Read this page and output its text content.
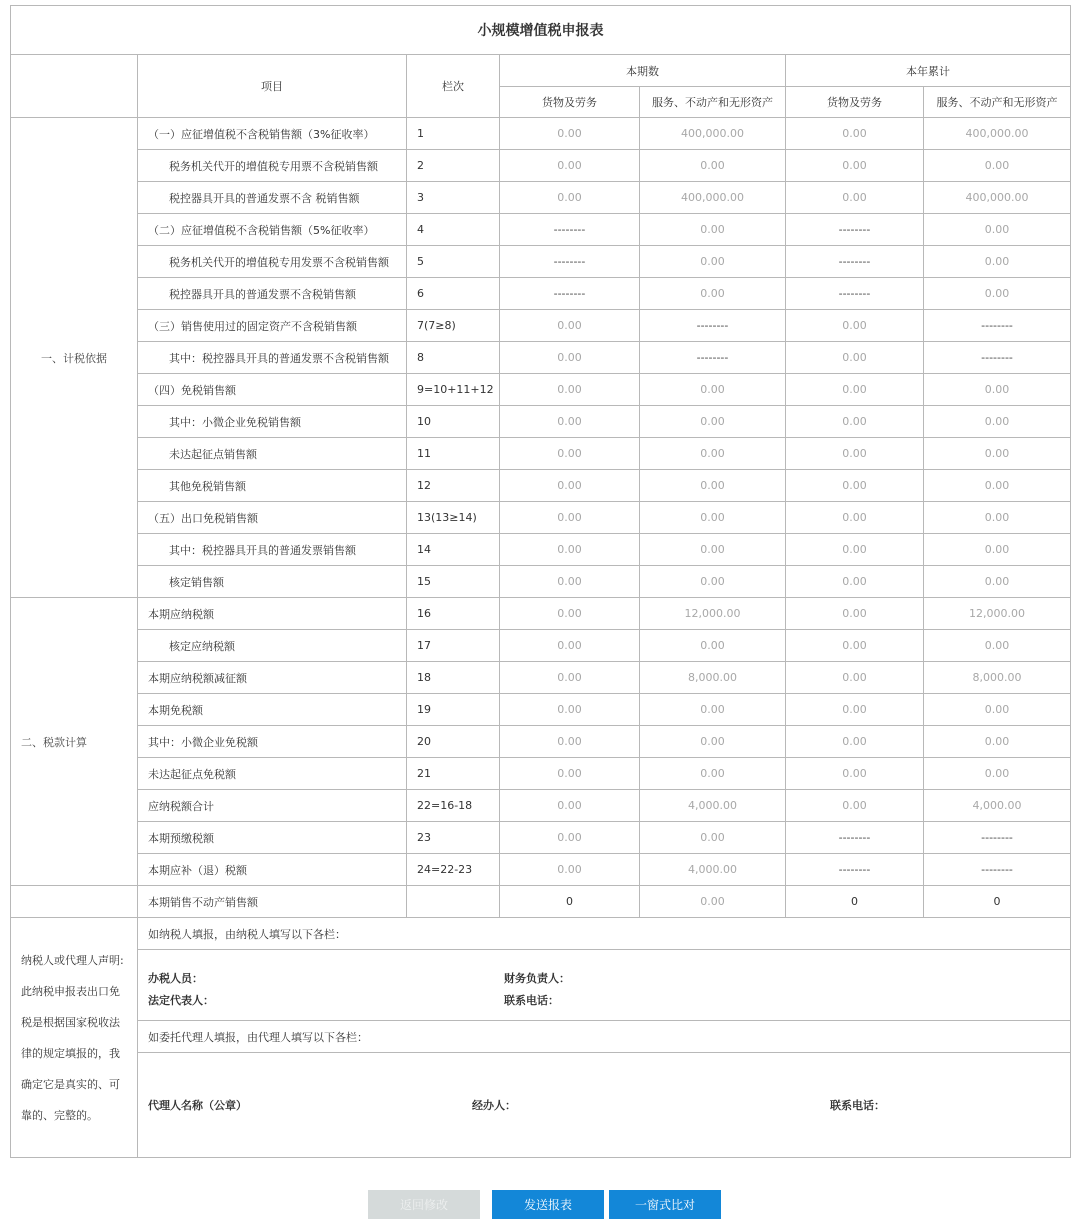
小规模增值税申报表						
	项目	栏次	本期数		本年累计	
			货物及劳务	服务、不动产和无形资产	货物及劳务	服务、不动产和无形资产
一、计税依据	（一）应征增值税不含税销售额（3%征收率）	1	0.00	400,000.00	0.00	400,000.00
	税务机关代开的增值税专用票不含税销售额	2	0.00	0.00	0.00	0.00
	税控器具开具的普通发票不含 税销售额	3	0.00	400,000.00	0.00	400,000.00
	（二）应征增值税不含税销售额（5%征收率）	4	--------	0.00	--------	0.00
	税务机关代开的增值税专用发票不含税销售额	5	--------	0.00	--------	0.00
	税控器具开具的普通发票不含税销售额	6	--------	0.00	--------	0.00
	（三）销售使用过的固定资产不含税销售额	7(7≥8)	0.00	--------	0.00	--------
	其中：税控器具开具的普通发票不含税销售额	8	0.00	--------	0.00	--------
	（四）免税销售额	9=10+11+12	0.00	0.00	0.00	0.00
	其中：小微企业免税销售额	10	0.00	0.00	0.00	0.00
	未达起征点销售额	11	0.00	0.00	0.00	0.00
	其他免税销售额	12	0.00	0.00	0.00	0.00
	（五）出口免税销售额	13(13≥14)	0.00	0.00	0.00	0.00
	其中：税控器具开具的普通发票销售额	14	0.00	0.00	0.00	0.00
	核定销售额	15	0.00	0.00	0.00	0.00
二、税款计算	本期应纳税额	16	0.00	12,000.00	0.00	12,000.00
	核定应纳税额	17	0.00	0.00	0.00	0.00
	本期应纳税额减征额	18	0.00	8,000.00	0.00	8,000.00
	本期免税额	19	0.00	0.00	0.00	0.00
	其中：小微企业免税额	20	0.00	0.00	0.00	0.00
	未达起征点免税额	21	0.00	0.00	0.00	0.00
	应纳税额合计	22=16-18	0.00	4,000.00	0.00	4,000.00
	本期预缴税额	23	0.00	0.00	--------	--------
	本期应补（退）税额	24=22-23	0.00	4,000.00	--------	--------
	本期销售不动产销售额		0	0.00	0	0

纳税人或代理人声明:
此纳税申报表出口免
税是根据国家税收法
律的规定填报的，我
确定它是真实的、可
靠的、完整的。
	如纳税人填报，由纳税人填写以下各栏：

	办税人员： 财务负责人：
法定代表人： 联系电话：					

	如委托代理人填报，由代理人填写以下各栏：					

	代理人名称（公章） 经办人： 联系电话：					
返回修改	发送报表	一窗式比对
